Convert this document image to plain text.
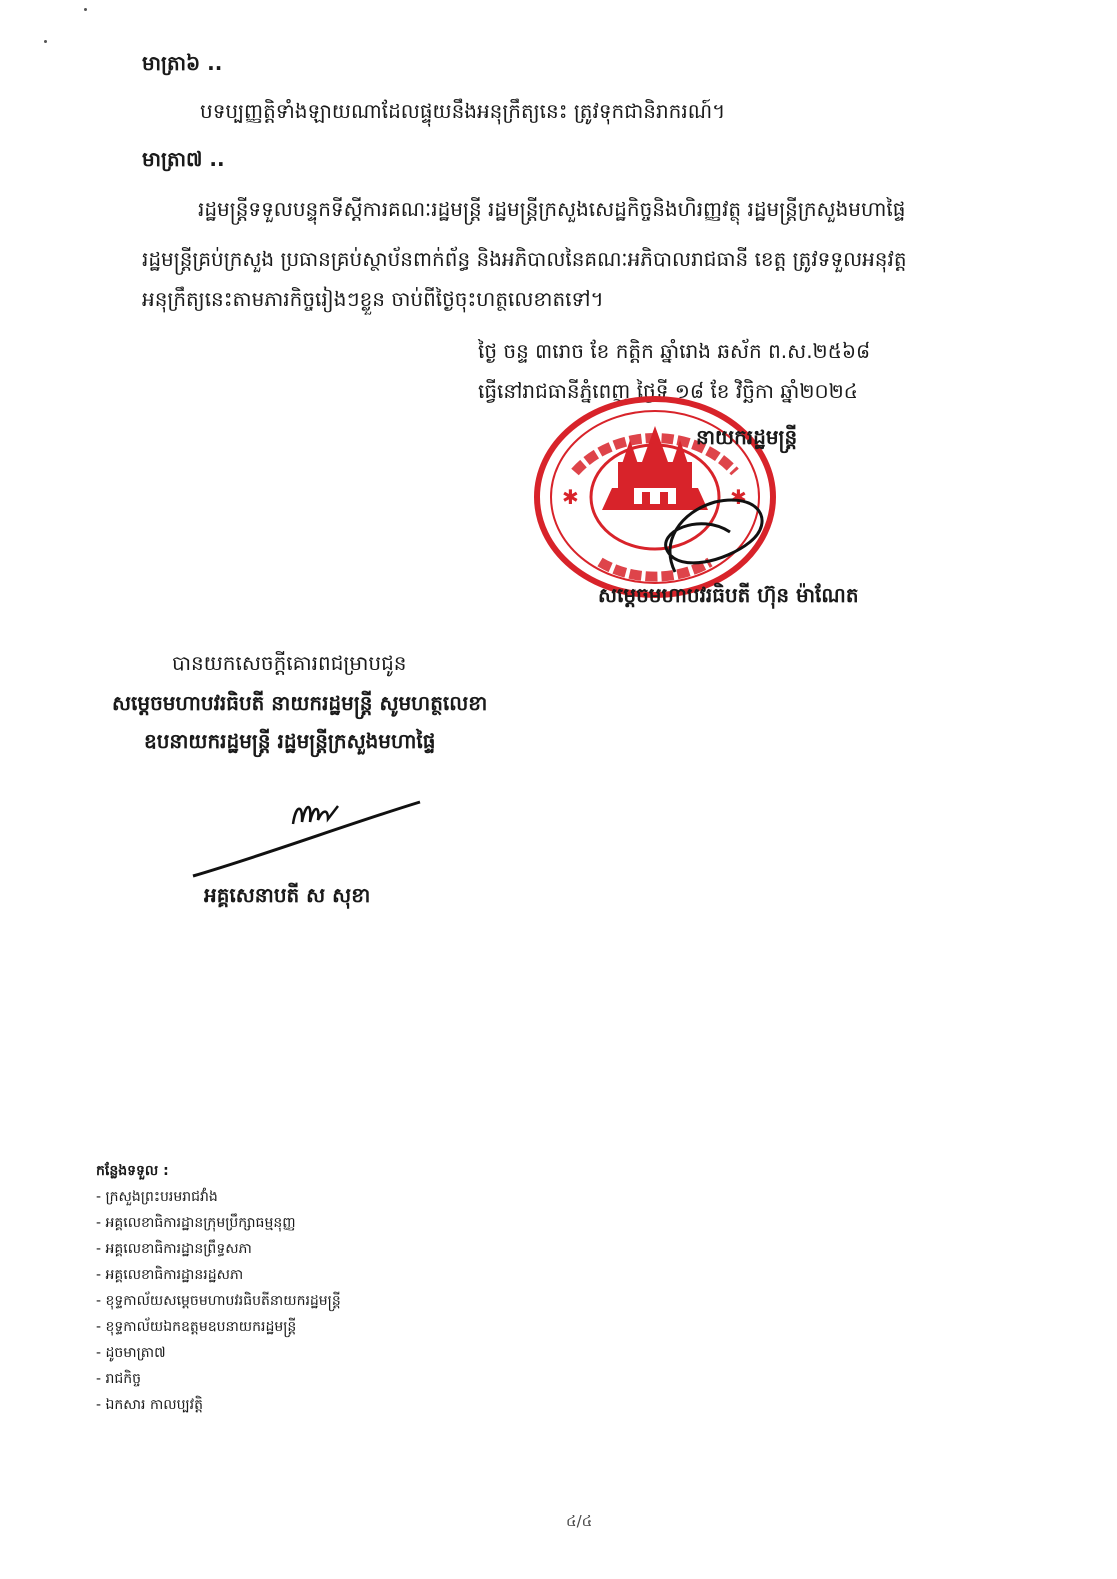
មាត្រា៦ ..
បទប្បញ្ញត្តិទាំងឡាយណាដែលផ្ទុយនឹងអនុក្រឹត្យនេះ ត្រូវទុកជានិរាករណ៍។
មាត្រា៧ ..
រដ្ឋមន្ត្រីទទួលបន្ទុកទីស្តីការគណៈរដ្ឋមន្ត្រី រដ្ឋមន្ត្រីក្រសួងសេដ្ឋកិច្ចនិងហិរញ្ញវត្ថុ រដ្ឋមន្ត្រីក្រសួងមហាផ្ទៃ
រដ្ឋមន្ត្រីគ្រប់ក្រសួង ប្រធានគ្រប់ស្ថាប័នពាក់ព័ន្ធ និងអភិបាលនៃគណៈអភិបាលរាជធានី ខេត្ត ត្រូវទទួលអនុវត្ត
អនុក្រឹត្យនេះតាមភារកិច្ចរៀងៗខ្លួន ចាប់ពីថ្ងៃចុះហត្ថលេខាតទៅ។
ថ្ងៃ ចន្ទ ៣រោច ខែ កត្តិក ឆ្នាំរោង ឆស័ក ព.ស.២៥៦៨
ធ្វើនៅរាជធានីភ្នំពេញ ថ្ងៃទី ១៨ ខែ វិច្ឆិកា ឆ្នាំ២០២៤
✱	✱
នាយករដ្ឋមន្ត្រី
សម្តេចមហាបវរធិបតី ហ៊ុន ម៉ាណែត
បានយកសេចក្តីគោរពជម្រាបជូន
សម្តេចមហាបវរធិបតី នាយករដ្ឋមន្ត្រី សូមហត្ថលេខា
ឧបនាយករដ្ឋមន្ត្រី រដ្ឋមន្ត្រីក្រសួងមហាផ្ទៃ
អគ្គសេនាបតី ស សុខា
កន្លែងទទួល :
- ក្រសួងព្រះបរមរាជវាំង
- អគ្គលេខាធិការដ្ឋានក្រុមប្រឹក្សាធម្មនុញ្ញ
- អគ្គលេខាធិការដ្ឋានព្រឹទ្ធសភា
- អគ្គលេខាធិការដ្ឋានរដ្ឋសភា
- ខុទ្ទកាល័យសម្តេចមហាបវរធិបតីនាយករដ្ឋមន្ត្រី
- ខុទ្ទកាល័យឯកឧត្តមឧបនាយករដ្ឋមន្ត្រី
- ដូចមាត្រា៧
- រាជកិច្ច
- ឯកសារ កាលប្បវត្តិ
៤/៤
